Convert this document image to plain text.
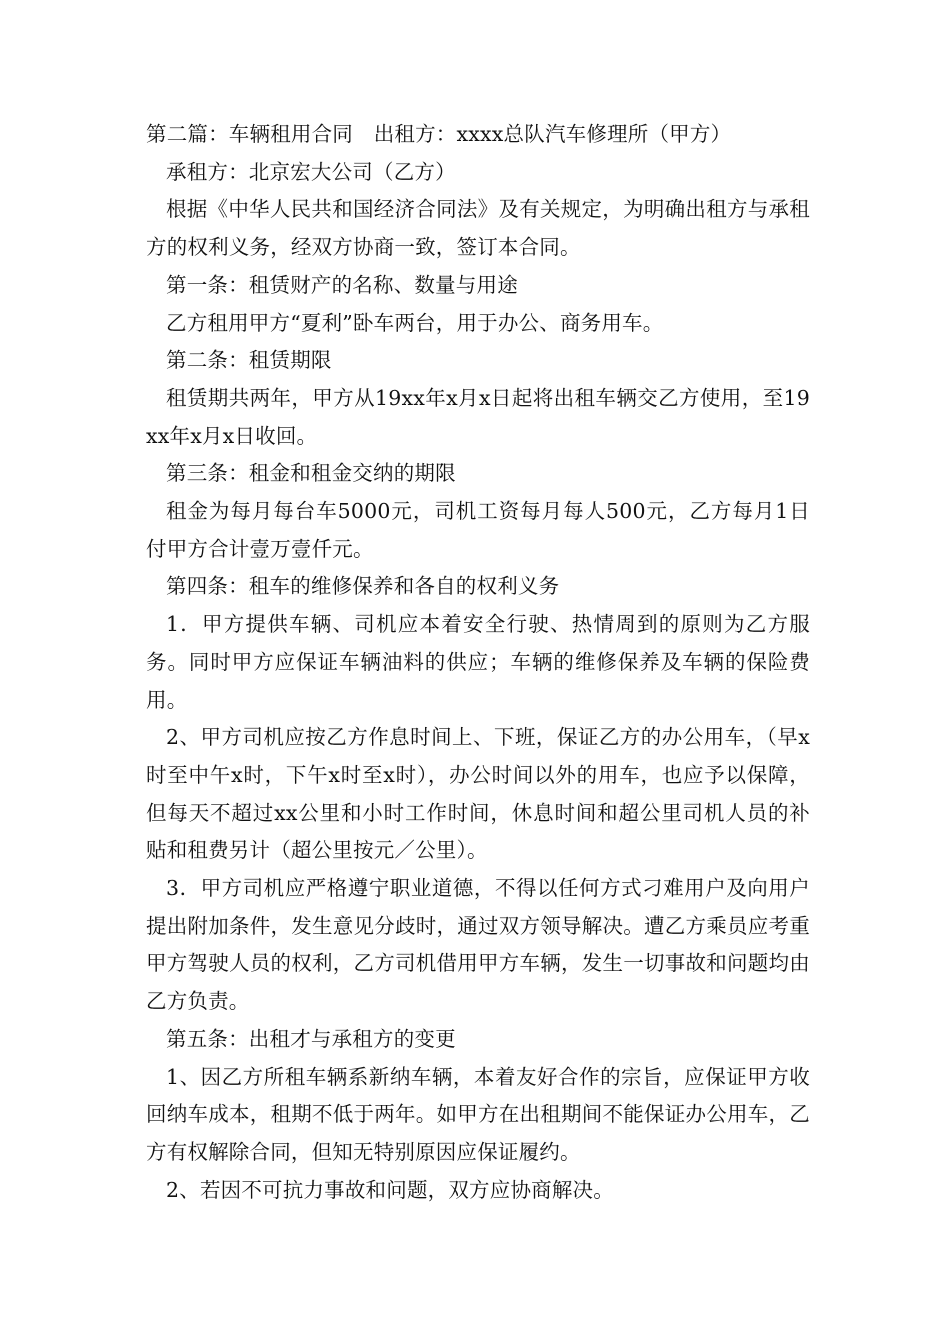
第二篇：车辆租用合同　出租方：xxxx总队汽车修理所（甲方）

承租方：北京宏大公司（乙方）

根据《中华人民共和国经济合同法》及有关规定，为明确出租方与承租方的权利义务，经双方协商一致，签订本合同。

第一条：租赁财产的名称、数量与用途

乙方租用甲方“夏利”卧车两台，用于办公、商务用车。

第二条：租赁期限

租赁期共两年，甲方从19xx年x月x日起将出租车辆交乙方使用，至19xx年x月x日收回。

第三条：租金和租金交纳的期限

租金为每月每台车5000元，司机工资每月每人500元，乙方每月1日付甲方合计壹万壹仟元。

第四条：租车的维修保养和各自的权利义务

1．甲方提供车辆、司机应本着安全行驶、热情周到的原则为乙方服务。同时甲方应保证车辆油料的供应；车辆的维修保养及车辆的保险费用。

2、甲方司机应按乙方作息时间上、下班，保证乙方的办公用车，（早x时至中午x时，下午x时至x时），办公时间以外的用车，也应予以保障，但每天不超过xx公里和小时工作时间，休息时间和超公里司机人员的补贴和租费另计（超公里按元／公里）。

3．甲方司机应严格遵宁职业道德，不得以任何方式刁难用户及向用户提出附加条件，发生意见分歧时，通过双方领导解决。遭乙方乘员应考重甲方驾驶人员的权利，乙方司机借用甲方车辆，发生一切事故和问题均由乙方负责。

第五条：出租才与承租方的变更

1、因乙方所租车辆系新纳车辆，本着友好合作的宗旨，应保证甲方收回纳车成本，租期不低于两年。如甲方在出租期间不能保证办公用车，乙方有权解除合同，但知无特别原因应保证履约。

2、若因不可抗力事故和问题，双方应协商解决。
